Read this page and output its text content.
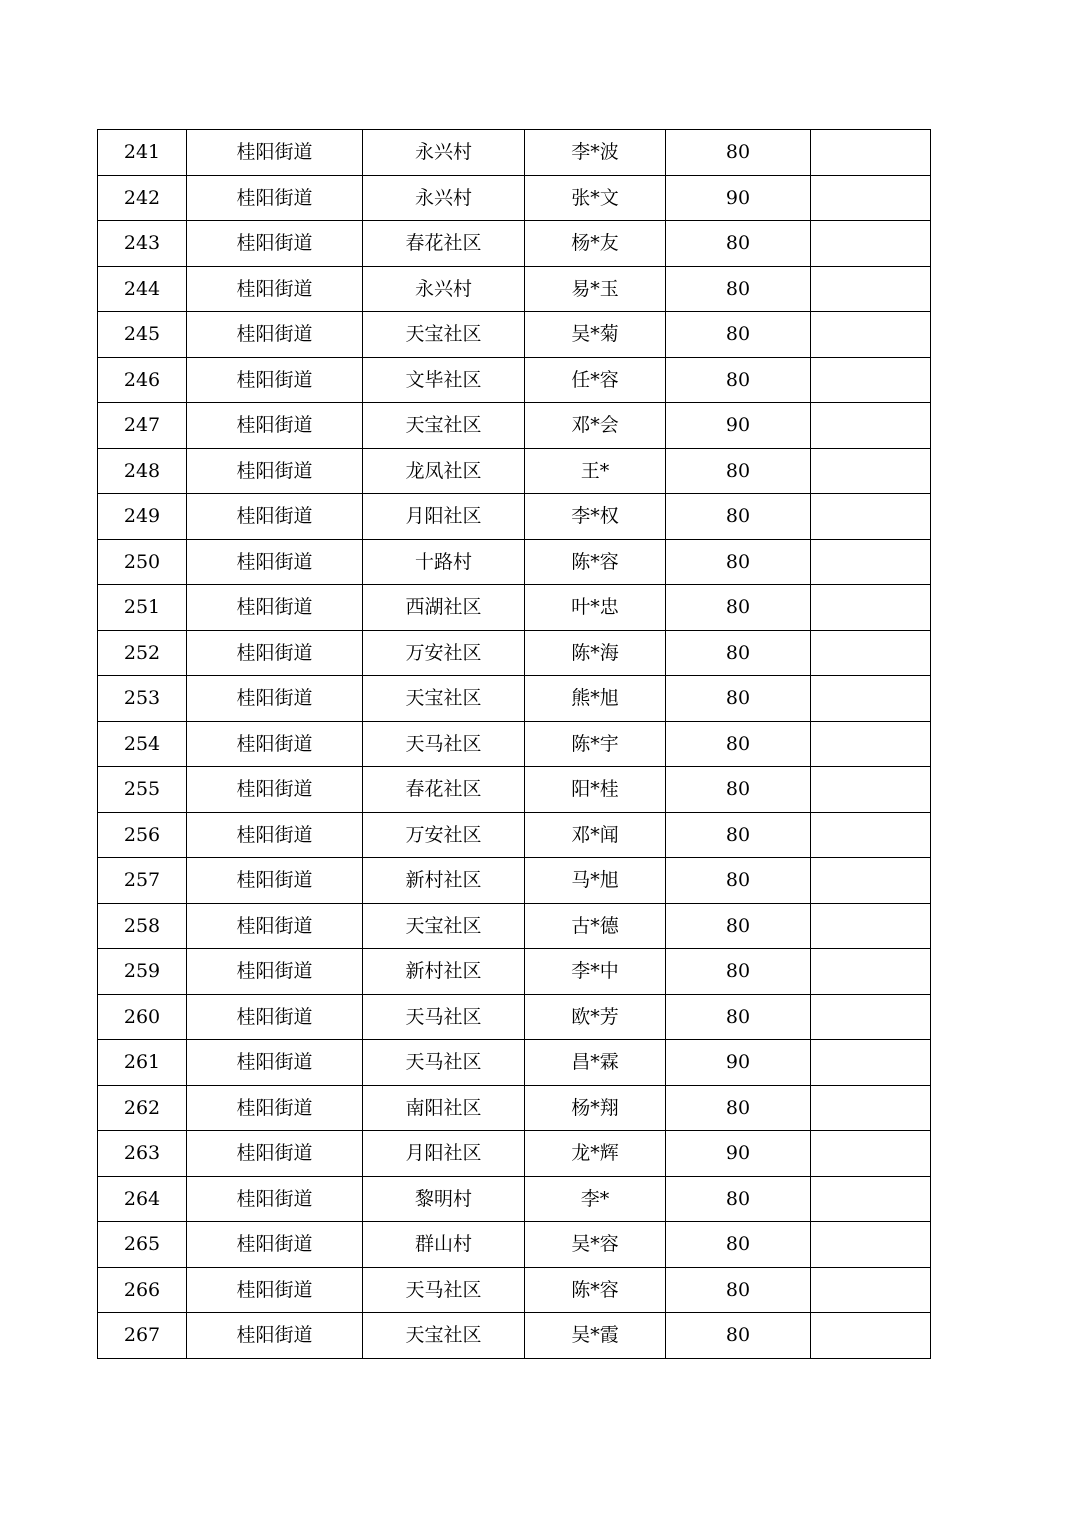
241	桂阳街道	永兴村	李*波	80	
242	桂阳街道	永兴村	张*文	90	
243	桂阳街道	春花社区	杨*友	80	
244	桂阳街道	永兴村	易*玉	80	
245	桂阳街道	天宝社区	吴*菊	80	
246	桂阳街道	文毕社区	任*容	80	
247	桂阳街道	天宝社区	邓*会	90	
248	桂阳街道	龙凤社区	王*	80	
249	桂阳街道	月阳社区	李*权	80	
250	桂阳街道	十路村	陈*容	80	
251	桂阳街道	西湖社区	叶*忠	80	
252	桂阳街道	万安社区	陈*海	80	
253	桂阳街道	天宝社区	熊*旭	80	
254	桂阳街道	天马社区	陈*宇	80	
255	桂阳街道	春花社区	阳*桂	80	
256	桂阳街道	万安社区	邓*闻	80	
257	桂阳街道	新村社区	马*旭	80	
258	桂阳街道	天宝社区	古*德	80	
259	桂阳街道	新村社区	李*中	80	
260	桂阳街道	天马社区	欧*芳	80	
261	桂阳街道	天马社区	昌*霖	90	
262	桂阳街道	南阳社区	杨*翔	80	
263	桂阳街道	月阳社区	龙*辉	90	
264	桂阳街道	黎明村	李*	80	
265	桂阳街道	群山村	吴*容	80	
266	桂阳街道	天马社区	陈*容	80	
267	桂阳街道	天宝社区	吴*霞	80	
